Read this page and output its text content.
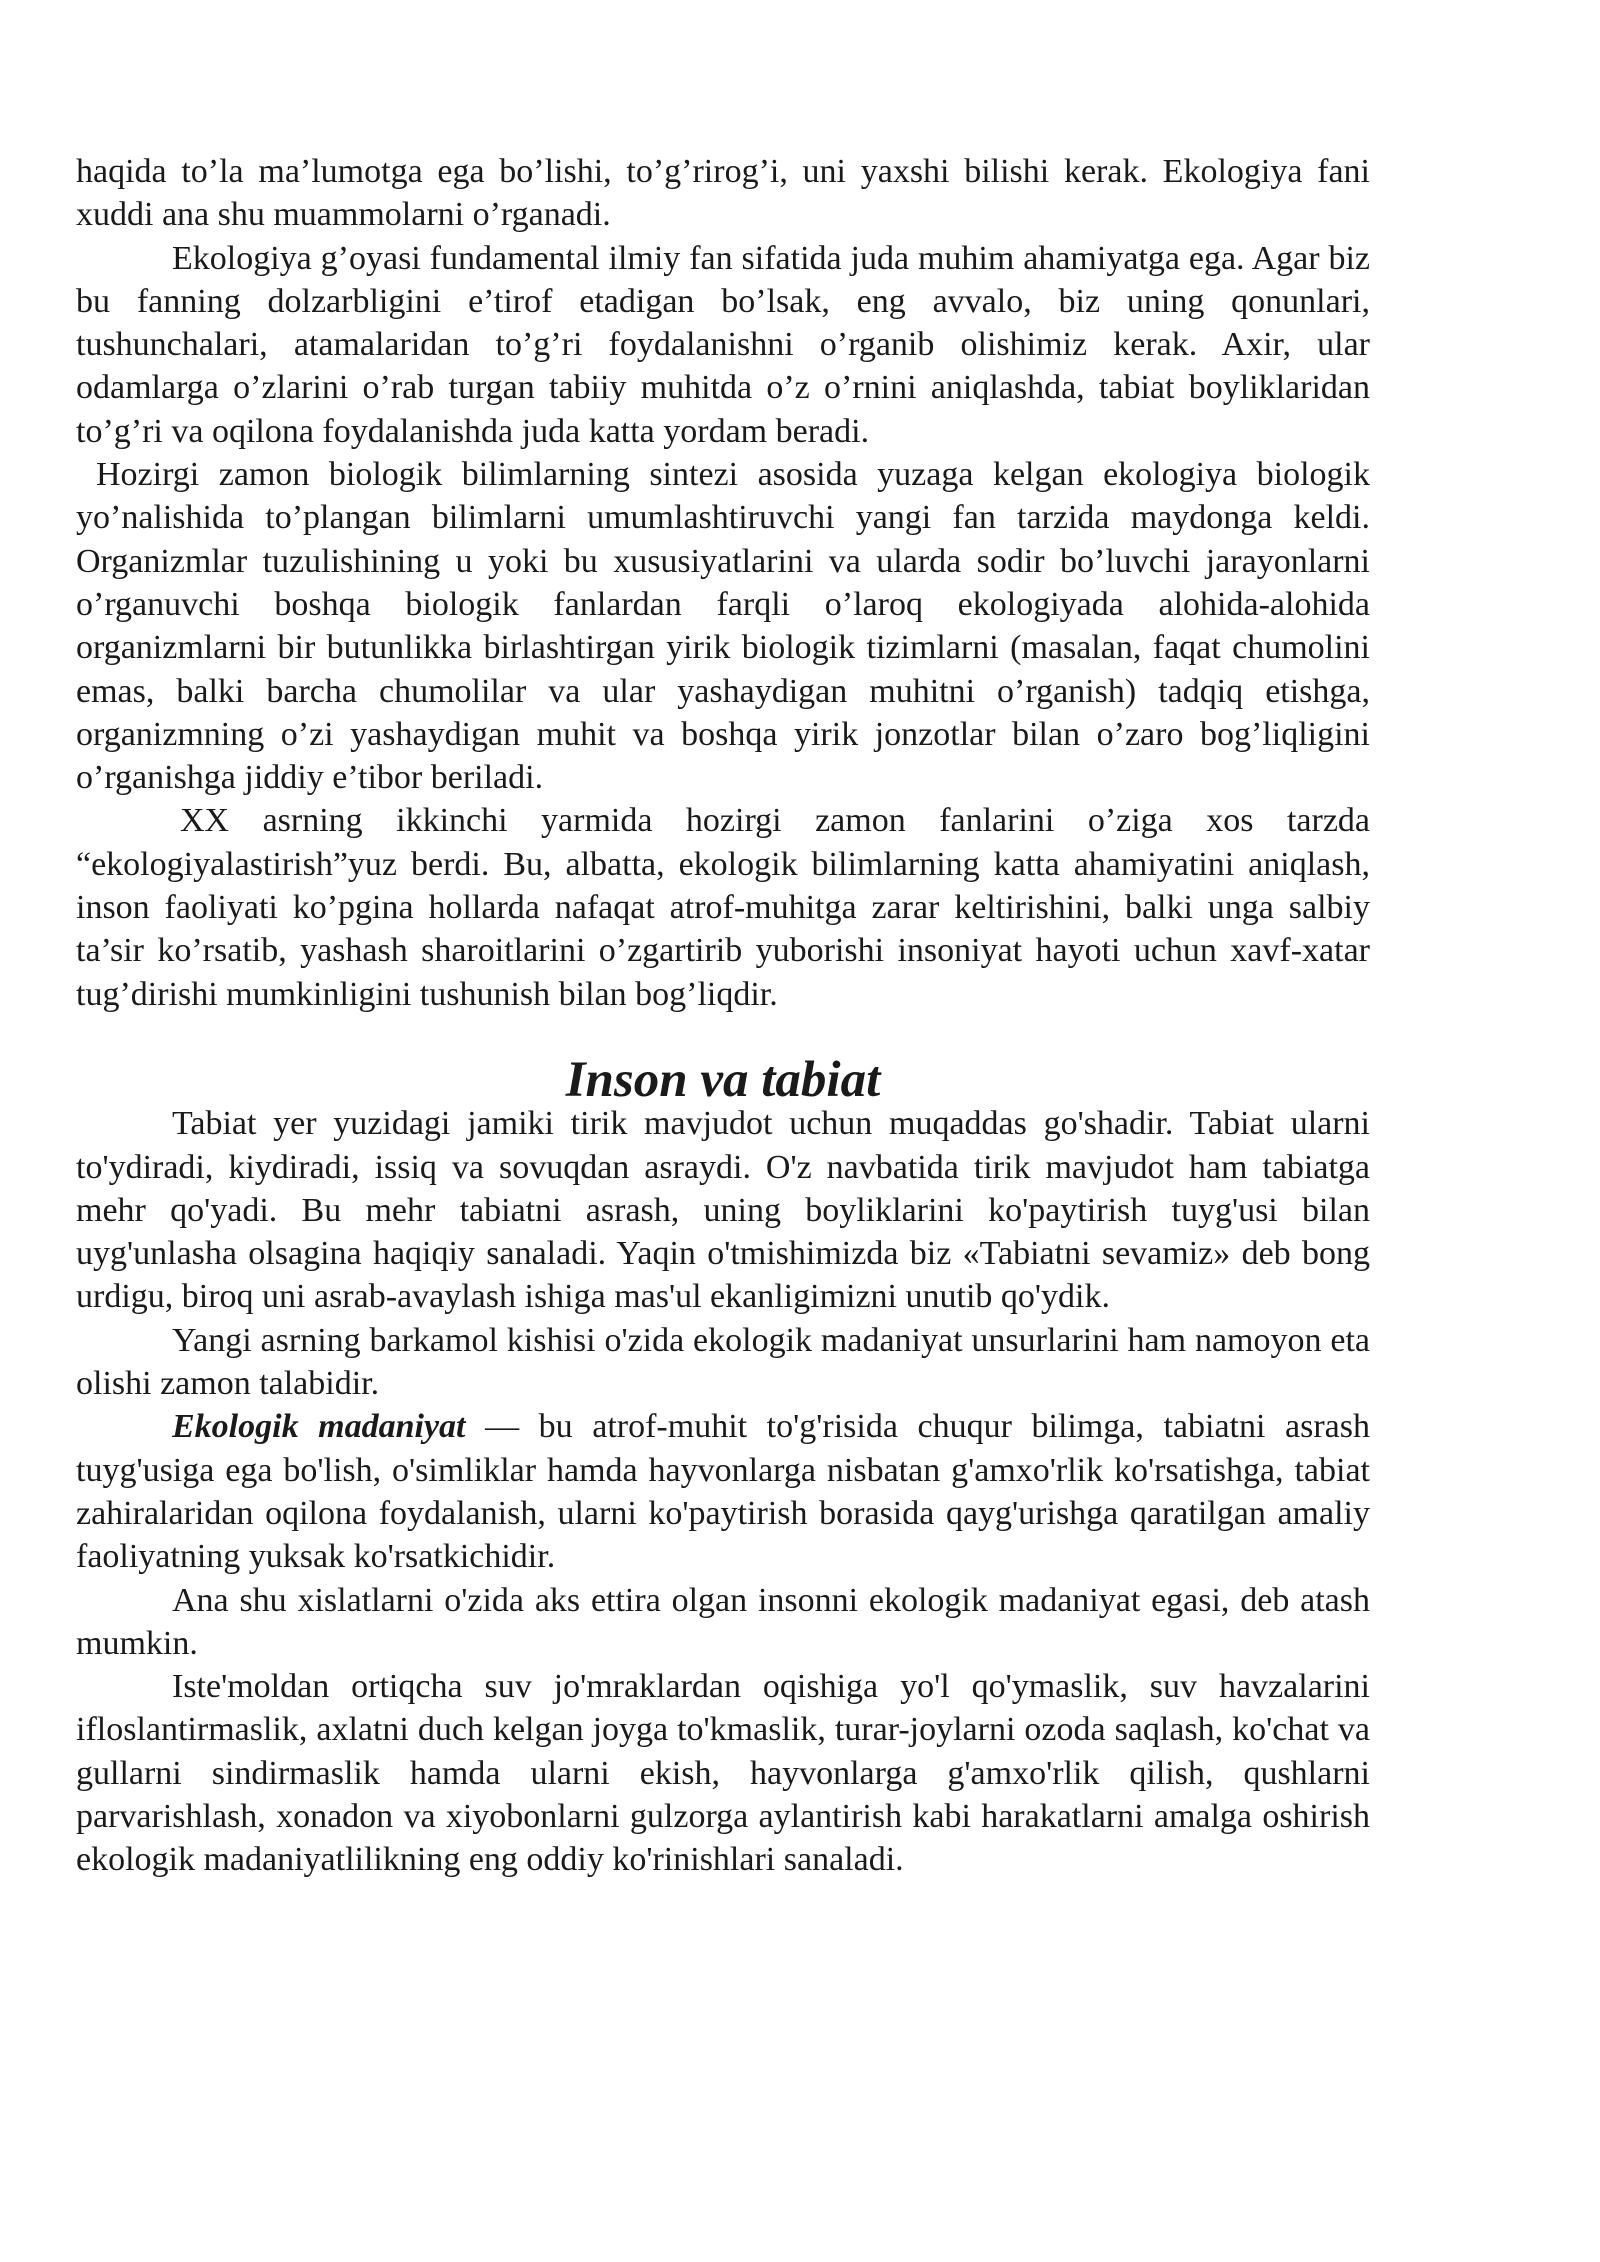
haqida to’la ma’lumotga ega bo’lishi, to’g’rirog’i, uni yaxshi bilishi kerak. Ekologiya fani xuddi ana shu muammolarni o’rganadi.

Ekologiya g’oyasi fundamental ilmiy fan sifatida juda muhim ahamiyatga ega. Agar biz bu fanning dolzarbligini e’tirof etadigan bo’lsak, eng avvalo, biz uning qonunlari, tushunchalari, atamalaridan to’g’ri foydalanishni o’rganib olishimiz kerak. Axir, ular odamlarga o’zlarini o’rab turgan tabiiy muhitda o’z o’rnini aniqlashda, tabiat boyliklaridan to’g’ri va oqilona foydalanishda juda katta yordam beradi.

Hozirgi zamon biologik bilimlarning sintezi asosida yuzaga kelgan ekologiya biologik yo’nalishida to’plangan bilimlarni umumlashtiruvchi yangi fan tarzida maydonga keldi. Organizmlar tuzulishining u yoki bu xususiyatlarini va ularda sodir bo’luvchi jarayonlarni o’rganuvchi boshqa biologik fanlardan farqli o’laroq ekologiyada alohida-alohida organizmlarni bir butunlikka birlashtirgan yirik biologik tizimlarni (masalan, faqat chumolini emas, balki barcha chumolilar va ular yashaydigan muhitni o’rganish) tadqiq etishga, organizmning o’zi yashaydigan muhit va boshqa yirik jonzotlar bilan o’zaro bog’liqligini o’rganishga jiddiy e’tibor beriladi.

XX asrning ikkinchi yarmida hozirgi zamon fanlarini o’ziga xos tarzda “ekologiyalastirish”yuz berdi. Bu, albatta, ekologik bilimlarning katta ahamiyatini aniqlash, inson faoliyati ko’pgina hollarda nafaqat atrof-muhitga zarar keltirishini, balki unga salbiy ta’sir ko’rsatib, yashash sharoitlarini o’zgartirib yuborishi insoniyat hayoti uchun xavf-xatar tug’dirishi mumkinligini tushunish bilan bog’liqdir.

Inson va tabiat

Tabiat yer yuzidagi jamiki tirik mavjudot uchun muqaddas go'shadir. Tabiat ularni to'ydiradi, kiydiradi, issiq va sovuqdan asraydi. O'z navbatida tirik mavjudot ham tabiatga mehr qo'yadi. Bu mehr tabiatni asrash, uning boyliklarini ko'paytirish tuyg'usi bilan uyg'unlasha olsagina haqiqiy sanaladi. Yaqin o'tmishimizda biz «Tabiatni sevamiz» deb bong urdigu, biroq uni asrab-avaylash ishiga mas'ul ekanligimizni unutib qo'ydik.

Yangi asrning barkamol kishisi o'zida ekologik madaniyat unsurlarini ham namoyon eta olishi zamon talabidir.

Ekologik madaniyat — bu atrof-muhit to'g'risida chuqur bilimga, tabiatni asrash tuyg'usiga ega bo'lish, o'simliklar hamda hayvonlarga nisbatan g'amxo'rlik ko'rsatishga, tabiat zahiralaridan oqilona foydalanish, ularni ko'paytirish borasida qayg'urishga qaratilgan amaliy faoliyatning yuksak ko'rsatkichidir.

Ana shu xislatlarni o'zida aks ettira olgan insonni ekologik madaniyat egasi, deb atash mumkin.

Iste'moldan ortiqcha suv jo'mraklardan oqishiga yo'l qo'ymaslik, suv havzalarini ifloslantirmaslik, axlatni duch kelgan joyga to'kmaslik, turar-joylarni ozoda saqlash, ko'chat va gullarni sindirmaslik hamda ularni ekish, hayvonlarga g'amxo'rlik qilish, qushlarni parvarishlash, xonadon va xiyobonlarni gulzorga aylantirish kabi harakatlarni amalga oshirish ekologik madaniyatlilikning eng oddiy ko'rinishlari sanaladi.
